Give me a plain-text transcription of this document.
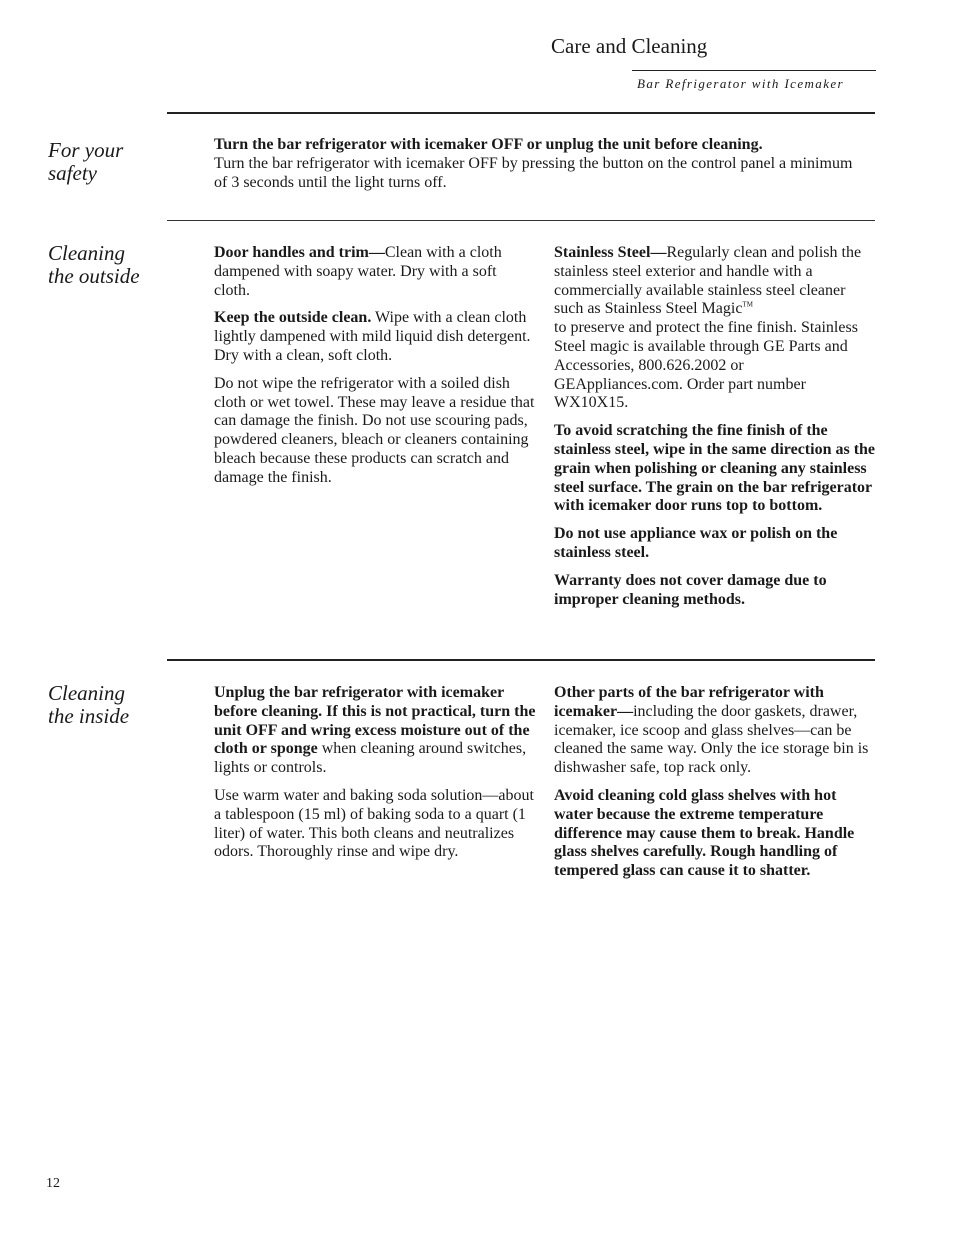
Care and Cleaning
Bar Refrigerator with Icemaker
For your
safety
Turn the bar refrigerator with icemaker OFF or unplug the unit before cleaning.
Turn the bar refrigerator with icemaker OFF by pressing the button on the control panel a minimum of 3 seconds until the light turns off.
Cleaning
the outside

Door handles and trim—Clean with a cloth dampened with soapy water. Dry with a soft cloth.

Keep the outside clean. Wipe with a clean cloth lightly dampened with mild liquid dish detergent. Dry with a clean, soft cloth.

Do not wipe the refrigerator with a soiled dish cloth or wet towel. These may leave a residue that can damage the finish. Do not use scouring pads, powdered cleaners, bleach or cleaners containing bleach because these products can scratch and damage the finish.

Stainless Steel—Regularly clean and polish the stainless steel exterior and handle with a commercially available stainless steel cleaner such as Stainless Steel Magic™
to preserve and protect the fine finish. Stainless Steel magic is available through GE Parts and Accessories, 800.626.2002 or GEAppliances.com. Order part number WX10X15.

To avoid scratching the fine finish of the stainless steel, wipe in the same direction as the grain when polishing or cleaning any stainless steel surface. The grain on the bar refrigerator with icemaker door runs top to bottom.

Do not use appliance wax or polish on the stainless steel.

Warranty does not cover damage due to improper cleaning methods.

Cleaning
the inside

Unplug the bar refrigerator with icemaker before cleaning. If this is not practical, turn the unit OFF and wring excess moisture out of the cloth or sponge when cleaning around switches, lights or controls.

Use warm water and baking soda solution—about a tablespoon (15 ml) of baking soda to a quart (1 liter) of water. This both cleans and neutralizes odors. Thoroughly rinse and wipe dry.

Other parts of the bar refrigerator with icemaker—including the door gaskets, drawer, icemaker, ice scoop and glass shelves—can be cleaned the same way. Only the ice storage bin is dishwasher safe, top rack only.

Avoid cleaning cold glass shelves with hot water because the extreme temperature difference may cause them to break. Handle glass shelves carefully. Rough handling of tempered glass can cause it to shatter.

12
